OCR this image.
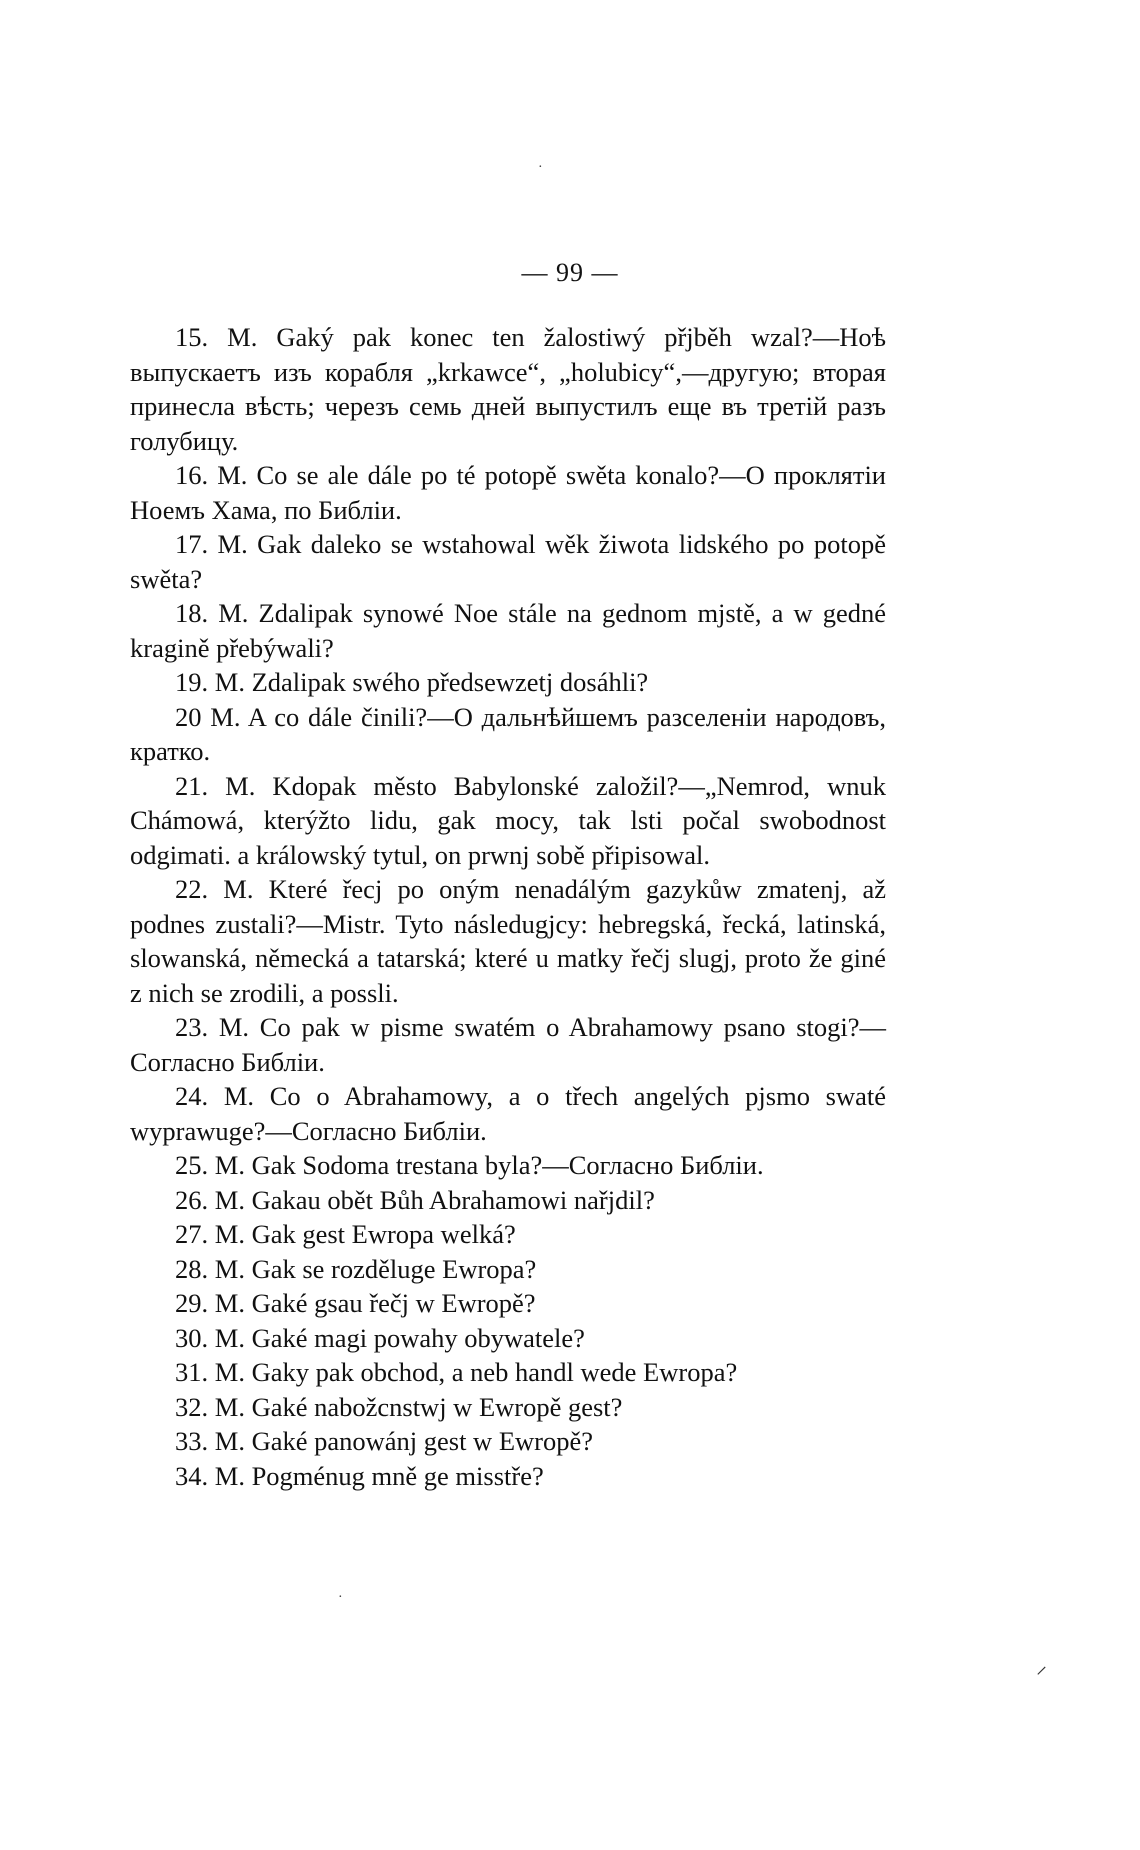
·
— 99 —

15. M. Gaký pak konec ten žalostiwý přjběh wzal?—Ноѣ выпускаетъ изъ корабля „krkawce“, „holubicy“,—другую; вторая принесла вѣсть; черезъ семь дней выпустилъ еще въ третій разъ голубицу.

16. M. Co se ale dále po té potopě swěta konalo?—O проклятіи Ноемъ Хама, по Библіи.

17. M. Gak daleko se wstahowal wěk žiwota lidského po potopě swěta?

18. M. Zdalipak synowé Noe stále na gednom mjstě, a w gedné kragině přebýwali?

19. M. Zdalipak swého předsewzetj dosáhli?

20 M. A co dále činili?—O дальнѣйшемъ разселеніи народовъ, кратко.

21. M. Kdopak město Babylonské založil?—„Nemrod, wnuk Chámowá, kterýžto lidu, gak mocy, tak lsti počal swobodnost odgimati. a králowský tytul, on prwnj sobě připisowal.

22. M. Které řecj po oným nenadálým gazykůw zmatenj, až podnes zustali?—Mistr. Tyto následugjcy: hebregská, řecká, latinská, slowanská, německá a tatarská; které u matky řečj slugj, proto že giné z nich se zrodili, a possli.

23. M. Co pak w pisme swatém o Abrahamowy psano stogi?—Согласно Библіи.

24. M. Co o Abrahamowy, a o třech angelých pjsmo swaté wyprawuge?—Согласно Библіи.

25. M. Gak Sodoma trestana byla?—Согласно Библіи.

26. M. Gakau obět Bůh Abrahamowi nařjdil?

27. M. Gak gest Ewropa welká?

28. M. Gak se rozděluge Ewropa?

29. M. Gaké gsau řečj w Ewropě?

30. M. Gaké magi powahy obywatele?

31. M. Gaky pak obchod, a neb handl wede Ewropa?

32. M. Gaké nabožcnstwj w Ewropě gest?

33. M. Gaké panowánj gest w Ewropě?

34. M. Pogménug mně ge misstře?

·
⸝
